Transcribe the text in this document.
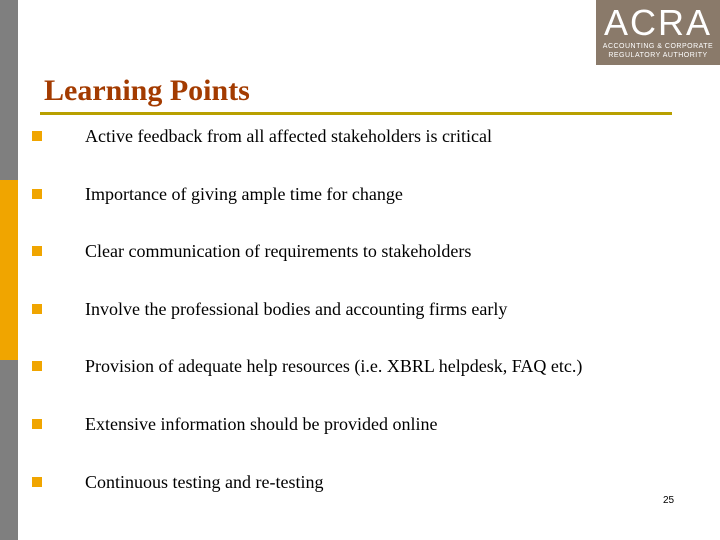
ACRA
ACCOUNTING & CORPORATE
REGULATORY AUTHORITY
Learning Points
Active feedback from all affected stakeholders is critical
Importance of giving ample time for change
Clear communication of requirements to stakeholders
Involve the professional bodies and accounting firms early
Provision of adequate help resources (i.e. XBRL helpdesk, FAQ etc.)
Extensive information should be provided online
Continuous testing and re-testing
25
